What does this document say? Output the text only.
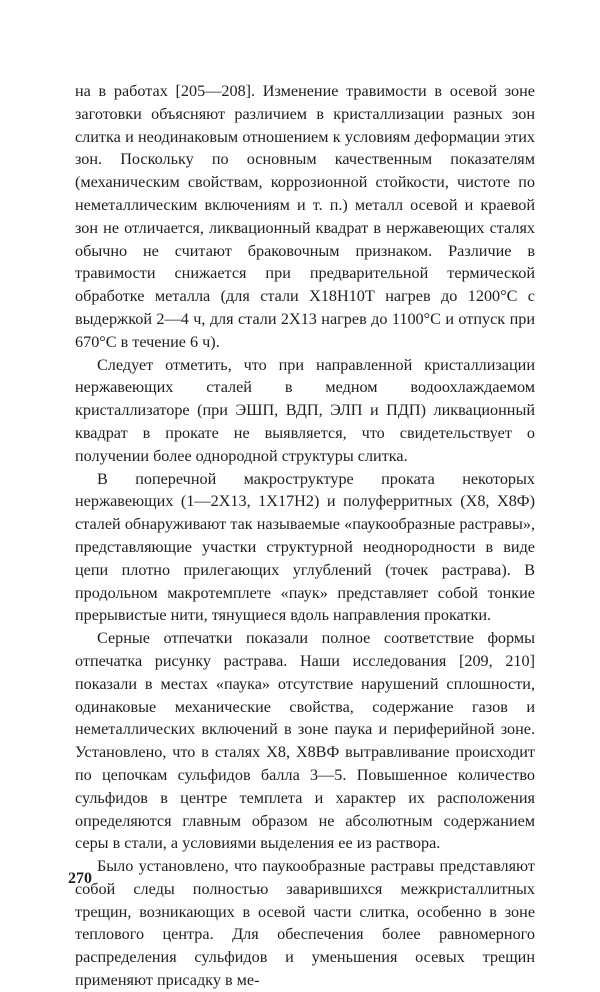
на в работах [205—208]. Изменение травимости в осевой зоне заготовки объясняют различием в кристаллизации разных зон слитка и неодинаковым отношением к условиям деформации этих зон. Поскольку по основным качественным показателям (механическим свойствам, коррозионной стойкости, чистоте по неметаллическим включениям и т. п.) металл осевой и краевой зон не отличается, ликвационный квадрат в нержавеющих сталях обычно не считают браковочным признаком. Различие в травимости снижается при предварительной термической обработке металла (для стали Х18Н10Т нагрев до 1200°С с выдержкой 2—4 ч, для стали 2Х13 нагрев до 1100°С и отпуск при 670°С в течение 6 ч).

Следует отметить, что при направленной кристаллизации нержавеющих сталей в медном водоохлаждаемом кристаллизаторе (при ЭШП, ВДП, ЭЛП и ПДП) ликвационный квадрат в прокате не выявляется, что свидетельствует о получении более однородной структуры слитка.

В поперечной макроструктуре проката некоторых нержавеющих (1—2Х13, 1Х17Н2) и полуферритных (Х8, Х8Ф) сталей обнаруживают так называемые «паукообразные растравы», представляющие участки структурной неоднородности в виде цепи плотно прилегающих углублений (точек растрава). В продольном макротемплете «паук» представляет собой тонкие прерывистые нити, тянущиеся вдоль направления прокатки.

Серные отпечатки показали полное соответствие формы отпечатка рисунку растрава. Наши исследования [209, 210] показали в местах «паука» отсутствие нарушений сплошности, одинаковые механические свойства, содержание газов и неметаллических включений в зоне паука и периферийной зоне. Установлено, что в сталях Х8, Х8ВФ вытравливание происходит по цепочкам сульфидов балла 3—5. Повышенное количество сульфидов в центре темплета и характер их расположения определяются главным образом не абсолютным содержанием серы в стали, а условиями выделения ее из раствора.

Было установлено, что паукообразные растравы представляют собой следы полностью заварившихся межкристаллитных трещин, возникающих в осевой части слитка, особенно в зоне теплового центра. Для обеспечения более равномерного распределения сульфидов и уменьшения осевых трещин применяют присадку в ме-

270
